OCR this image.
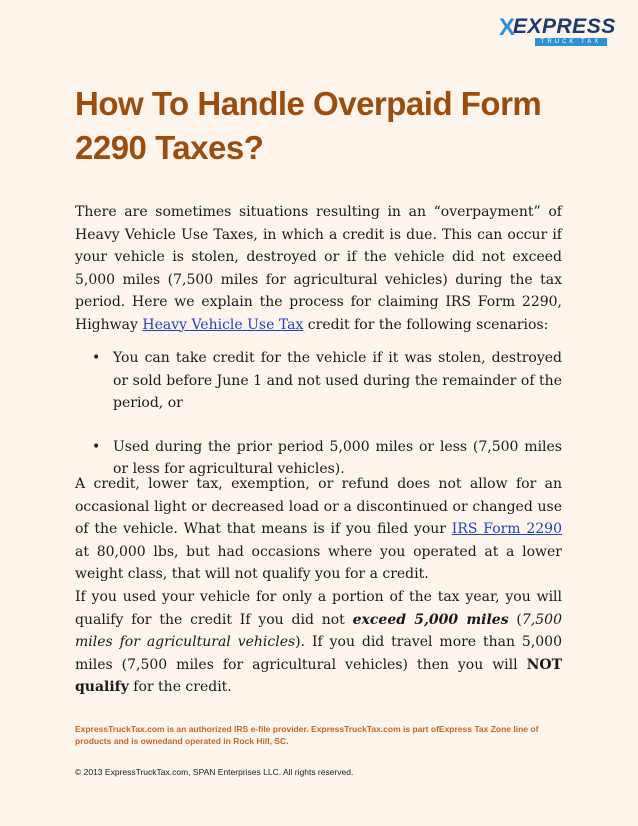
X
EXPRESS
TRUCK TAX
How To Handle Overpaid Form
2290 Taxes?

There are sometimes situations resulting in an “overpayment” of Heavy Vehicle Use Taxes, in which a credit is due. This can occur if your vehicle is stolen, destroyed or if the vehicle did not exceed 5,000 miles (7,500 miles for agricultural vehicles) during the tax period. Here we explain the process for claiming IRS Form 2290, Highway Heavy Vehicle Use Tax credit for the following scenarios:

• You can take credit for the vehicle if it was stolen, destroyed or sold before June 1 and not used during the remainder of the period, or
• Used during the prior period 5,000 miles or less (7,500 miles or less for agricultural vehicles).

A credit, lower tax, exemption, or refund does not allow for an occasional light or decreased load or a discontinued or changed use of the vehicle. What that means is if you filed your IRS Form 2290 at 80,000 lbs, but had occasions where you operated at a lower weight class, that will not qualify you for a credit.

If you used your vehicle for only a portion of the tax year, you will qualify for the credit If you did not exceed 5,000 miles (7,500 miles for agricultural vehicles). If you did travel more than 5,000 miles (7,500 miles for agricultural vehicles) then you will NOT qualify for the credit.

ExpressTruckTax.com is an authorized IRS e-file provider. ExpressTruckTax.com is part ofExpress Tax Zone line of products and is ownedand operated in Rock Hill, SC.

© 2013 ExpressTruckTax.com, SPAN Enterprises LLC. All rights reserved.
